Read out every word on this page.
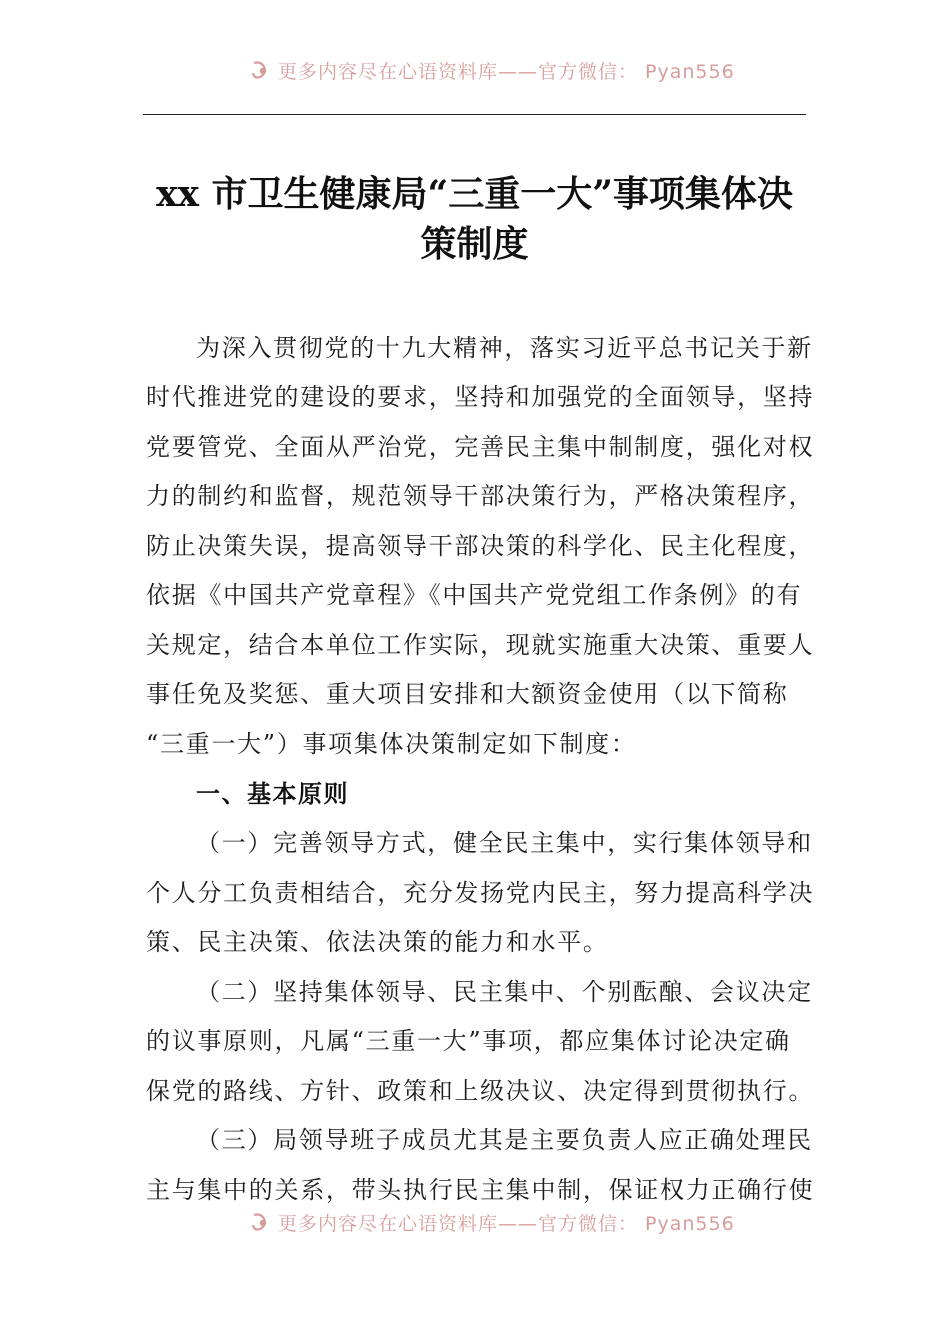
更多内容尽在心语资料库——官方微信： Pyan556
xx 市卫生健康局“三重一大”事项集体决
策制度
为深入贯彻党的十九大精神，落实习近平总书记关于新
时代推进党的建设的要求，坚持和加强党的全面领导，坚持
党要管党、全面从严治党，完善民主集中制制度，强化对权
力的制约和监督，规范领导干部决策行为，严格决策程序，
防止决策失误，提高领导干部决策的科学化、民主化程度，
依据《中国共产党章程》《中国共产党党组工作条例》的有
关规定，结合本单位工作实际，现就实施重大决策、重要人
事任免及奖惩、重大项目安排和大额资金使用（以下简称
“三重一大”）事项集体决策制定如下制度：
一、基本原则
（一）完善领导方式，健全民主集中，实行集体领导和
个人分工负责相结合，充分发扬党内民主，努力提高科学决
策、民主决策、依法决策的能力和水平。
（二）坚持集体领导、民主集中、个别酝酿、会议决定
的议事原则，凡属“三重一大”事项，都应集体讨论决定确
保党的路线、方针、政策和上级决议、决定得到贯彻执行。
（三）局领导班子成员尤其是主要负责人应正确处理民
主与集中的关系，带头执行民主集中制，保证权力正确行使
更多内容尽在心语资料库——官方微信： Pyan556
